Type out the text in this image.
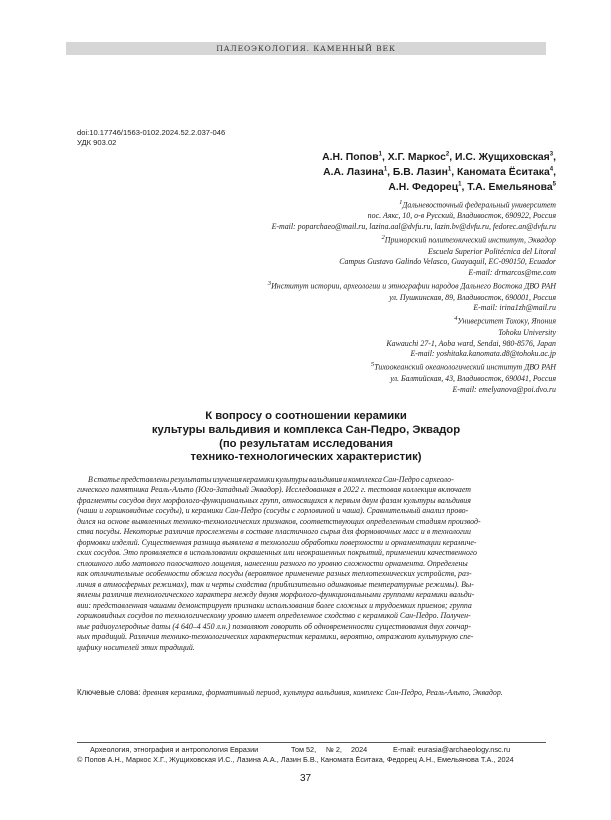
ПАЛЕОЭКОЛОГИЯ. КАМЕННЫЙ ВЕК
doi:10.17746/1563-0102.2024.52.2.037-046
УДК 903.02
А.Н. Попов$^1$, Х.Г. Маркос$^2$, И.С. Жущиховская$^3$,
А.А. Лазина$^1$, Б.В. Лазин$^1$, Каномата Ёситака$^4$,
А.Н. Федорец$^1$, Т.А. Емельянова$^5$
$^1$Дальневосточный федеральный университет
пос. Аякс, 10, о-в Русский, Владивосток, 690922, Россия
E-mail: poparchaeo@mail.ru, lazina.aal@dvfu.ru, lazin.bv@dvfu.ru, fedorec.an@dvfu.ru
$^2$Приморский политехнический институт, Эквадор
Escuela Superior Politécnica del Litoral
Campus Gustavo Galindo Velasco, Guayaquil, EC-090150, Ecuador
E-mail: drmarcos@me.com
$^3$Институт истории, археологии и этнографии народов Дальнего Востока ДВО РАН
ул. Пушкинская, 89, Владивосток, 690001, Россия
E-mail: irina1zh@mail.ru
$^4$Университет Тохоку, Япония
Tohoku University
Kawauchi 27-1, Aoba ward, Sendai, 980-8576, Japan
E-mail: yoshitaka.kanomata.d8@tohoku.ac.jp
$^5$Тихоокеанский океанологический институт ДВО РАН
ул. Балтийская, 43, Владивосток, 690041, Россия
E-mail: emelyanova@poi.dvo.ru
К вопросу о соотношении керамики
культуры вальдивия и комплекса Сан-Педро, Эквадор
(по результатам исследования
технико-технологических характеристик)
В статье представлены результаты изучения керамики культуры вальдивия и комплекса Сан-Педро с археоло-
гического памятника Реаль-Альто (Юго-Западный Эквадор). Исследованная в 2022 г. тестовая коллекция включает
фрагменты сосудов двух морфолого-функциональных групп, относящихся к первым двум фазам культуры вальдивия
(чаши и горшковидные сосуды), и керамики Сан-Педро (сосуды с горловиной и чаша). Сравнительный анализ прово-
дился на основе выявленных технико-технологических признаков, соответствующих определенным стадиям производ-
ства посуды. Некоторые различия прослежены в составе пластичного сырья для формовочных масс и в технологии
формовки изделий. Существенная разница выявлена в технологии обработки поверхности и орнаментации керамиче-
ских сосудов. Это проявляется в использовании окрашенных или неокрашенных покрытий, применении качественного
сплошного либо матового полосчатого лощения, нанесении разного по уровню сложности орнамента. Определены
как отличительные особенности обжига посуды (вероятное применение разных теплотехнических устройств, раз-
личия в атмосферных режимах), так и черты сходства (приблизительно одинаковые температурные режимы). Вы-
явлены различия технологического характера между двумя морфолого-функциональными группами керамики вальди-
вии: представленная чашами демонстрирует признаки использования более сложных и трудоемких приемов; группа
горшковидных сосудов по технологическому уровню имеет определенное сходство с керамикой Сан-Педро. Получен-
ные радиоуглеродные даты (4 640–4 450 л.н.) позволяют говорить об одновременности существования двух гончар-
ных традиций. Различия технико-технологических характеристик керамики, вероятно, отражают культурную спе-
цифику носителей этих традиций.
Ключевые слова: древняя керамика, формативный период, культура вальдивия, комплекс Сан-Педро, Реаль-Альто, Эквадор.
Археология, этнография и антропология Евразии	Том 52, № 2, 2024	E-mail: eurasia@archaeology.nsc.ru
© Попов А.Н., Маркос Х.Г., Жущиховская И.С., Лазина А.А., Лазин Б.В., Каномата Ёситака, Федорец А.Н., Емельянова Т.А., 2024
37
